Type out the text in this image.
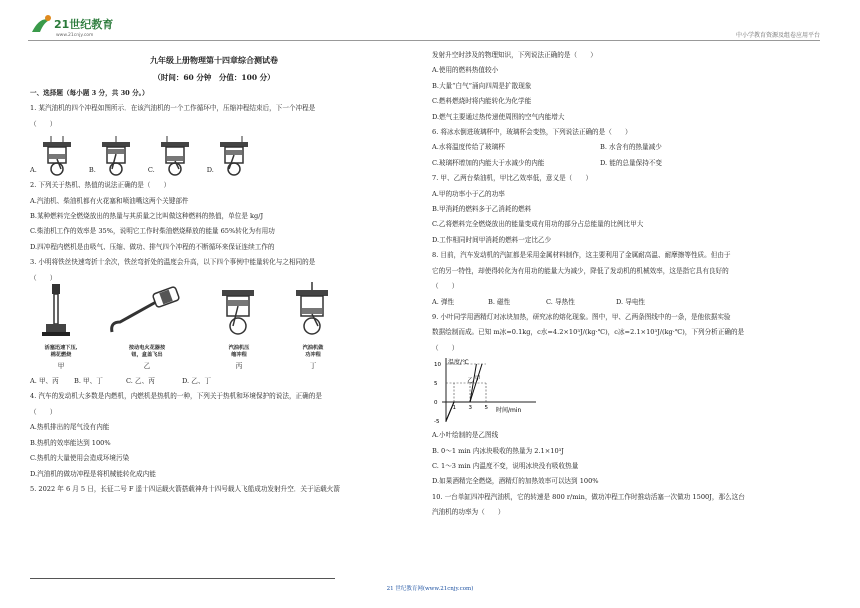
21世纪教育
www.21cnjy.com	中小学教育资源及组卷应用平台
九年级上册物理第十四章综合测试卷
（时间：60 分钟　分值：100 分）
一、选择题（每小题 3 分，共 30 分。）
1. 某汽油机的四个冲程如图所示．在该汽油机的一个工作循环中，压缩冲程结束后，下一个冲程是
（　　）
A.	B.	C.	D.
2. 下列关于热机、热值的说法正确的是（　　）
A.汽油机、柴油机都有火花塞和喷油嘴这两个关键部件
B.某种燃料完全燃烧放出的热量与其质量之比叫做这种燃料的热值，单位是 kg/J
C.柴油机工作的效率是 35%，说明它工作时柴油燃烧释放的能量 65%转化为有用功
D.四冲程内燃机是由吸气、压缩、做功、排气四个冲程的不断循环来保证连续工作的
3. 小明将铁丝快速弯折十余次，铁丝弯折处的温度会升高，以下四个事例中能量转化与之相同的是
（　　）
活塞迅速下压,
棉花燃烧
甲
按动电火花器按
钮，盒盖飞出
乙
汽油机压
缩冲程
丙
汽油机做
功冲程
丁
A. 甲、丙	B. 甲、丁	C. 乙、丙	D. 乙、丁
4. 汽车的发动机大多数是内燃机，内燃机是热机的一种，下列关于热机和环境保护的说法，正确的是
（　　）
A.热机排出的尾气没有内能
B.热机的效率能达到 100%
C.热机的大量使用会造成环境污染
D.汽油机的做功冲程是将机械能转化成内能
5. 2022 年 6 月 5 日，长征二号 F 遥十四运载火箭搭载神舟十四号载人飞船成功发射升空．关于运载火箭
发射升空时涉及的物理知识，下列说法正确的是（　　）
A.使用的燃料热值较小
B.大量“白气”涌向四周是扩散现象
C.燃料燃烧时将内能转化为化学能
D.燃气主要通过热传递使周围的空气内能增大
6. 将冰水倒进玻璃杯中，玻璃杯会变热，下列说法正确的是（　　）
A.水将温度传给了玻璃杯	B. 水含有的热量减少
C.玻璃杯增加的内能大于水减少的内能	D. 能的总量保持不变
7. 甲、乙两台柴油机，甲比乙效率低，意义是（　　）
A.甲的功率小于乙的功率
B.甲消耗的燃料多于乙消耗的燃料
C.乙将燃料完全燃烧放出的能量变成有用功的部分占总能量的比例比甲大
D.工作相同时间甲消耗的燃料一定比乙少
8. 目前，汽车发动机的汽缸都是采用金属材料制作，这主要利用了金属耐高温、耐摩擦等性质。但由于
它的另一特性，却使得转化为有用功的能量大为减少，降低了发动机的机械效率，这是指它具有良好的
（　　）
A. 弹性	B. 磁性	C. 导热性	D. 导电性
9. 小叶同学用酒精灯对冰块加热，研究冰的熔化现象。图中，甲、乙两条图线中的一条，是他依据实验
数据绘制而成。已知 m冰=0.1kg，c水=4.2×10³J/(kg·℃)，c冰=2.1×10³J/(kg·℃)，下列分析正确的是
（　　）
温度/℃
时间/min
-5
0
5
10
1 3 5
甲
乙
A.小叶绘制的是乙图线
B. 0～1 min 内冰块吸收的热量为 2.1×10³J
C. 1～3 min 内温度不变，说明冰块没有吸收热量
D.如果酒精完全燃烧，酒精灯的加热效率可以达到 100%
10. 一台单缸四冲程汽油机，它的转速是 800 r/min，做功冲程工作时推动活塞一次做功 1500J，那么这台
汽油机的功率为（　　）
21 世纪教育网(www.21cnjy.com)
